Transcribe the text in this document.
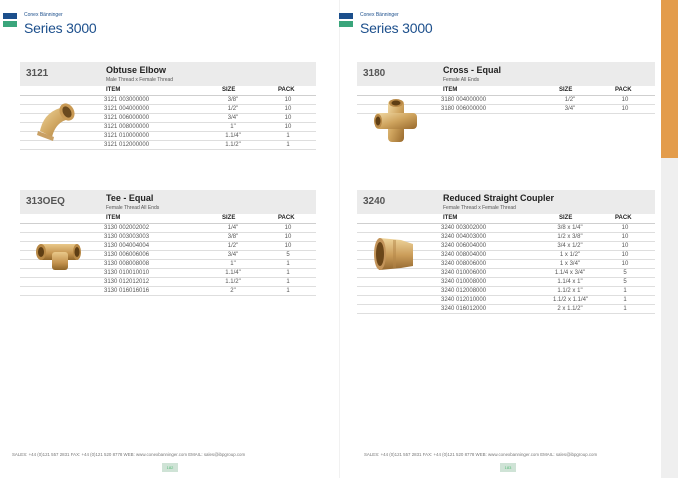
Conex Bänninger
Series 3000
3121	Obtuse Elbow
Male Thread x Female Thread
ITEM	SIZE	PACK
3121 003000000	3/8"	10
3121 004000000	1/2"	10
3121 006000000	3/4"	10
3121 008000000	1"	10
3121 010000000	1.1/4"	1
3121 012000000	1.1/2"	1
313OEQ	Tee - Equal
Female Thread All Ends
ITEM	SIZE	PACK
3130 002002002	1/4"	10
3130 003003003	3/8"	10
3130 004004004	1/2"	10
3130 006006006	3/4"	5
3130 008008008	1"	1
3130 010010010	1.1/4"	1
3130 012012012	1.1/2"	1
3130 016016016	2"	1
SALES: +44 (0)121 557 2831 FAX: +44 (0)121 520 8778 WEB: www.conexbanninger.com EMAIL: sales@ibpgroup.com
182
Conex Bänninger
Series 3000
3180	Cross - Equal
Female All Ends
ITEM	SIZE	PACK
3180 004000000	1/2"	10
3180 006000000	3/4"	10
3240	Reduced Straight Coupler
Female Thread x Female Thread
ITEM	SIZE	PACK
3240 003002000	3/8 x 1/4"	10
3240 004003000	1/2 x 3/8"	10
3240 006004000	3/4 x 1/2"	10
3240 008004000	1 x 1/2"	10
3240 008006000	1 x 3/4"	10
3240 010006000	1.1/4 x 3/4"	5
3240 010008000	1.1/4 x 1"	5
3240 012008000	1.1/2 x 1"	1
3240 012010000	1.1/2 x 1.1/4"	1
3240 016012000	2 x 1.1/2"	1
SALES: +44 (0)121 557 2831 FAX: +44 (0)121 520 8778 WEB: www.conexbanninger.com EMAIL: sales@ibpgroup.com
183
